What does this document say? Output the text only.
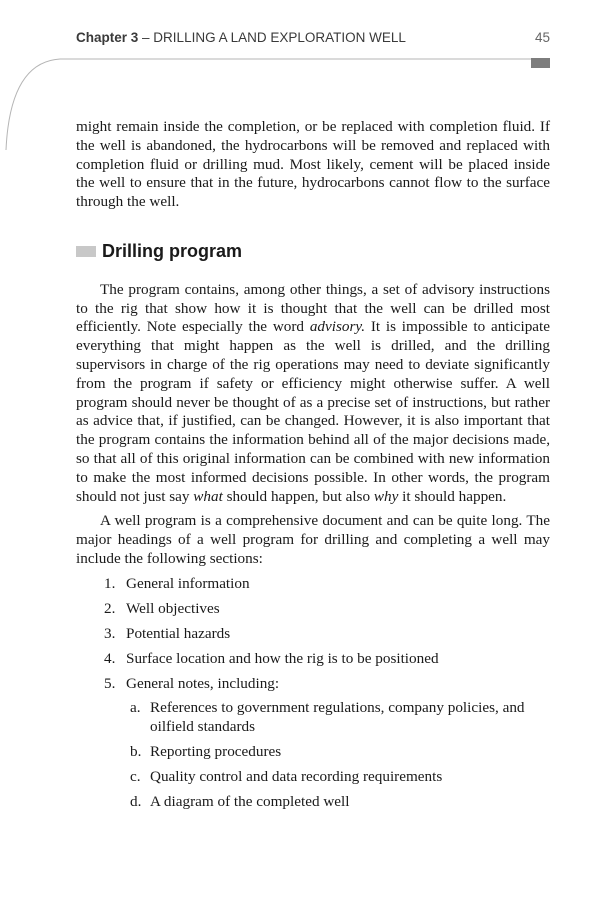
Chapter 3 – DRILLING A LAND EXPLORATION WELL	45

might remain inside the completion, or be replaced with completion fluid. If the well is abandoned, the hydrocarbons will be removed and replaced with completion fluid or drilling mud. Most likely, cement will be placed inside the well to ensure that in the future, hydrocarbons cannot flow to the surface through the well.

Drilling program

The program contains, among other things, a set of advisory instructions to the rig that show how it is thought that the well can be drilled most efficiently. Note especially the word advisory. It is impossible to anticipate everything that might happen as the well is drilled, and the drilling supervisors in charge of the rig operations may need to deviate significantly from the program if safety or efficiency might otherwise suffer. A well program should never be thought of as a precise set of instructions, but rather as advice that, if justified, can be changed. However, it is also important that the program contains the information behind all of the major decisions made, so that all of this original information can be combined with new information to make the most informed decisions possible. In other words, the program should not just say what should happen, but also why it should happen.

A well program is a comprehensive document and can be quite long. The major headings of a well program for drilling and completing a well may include the following sections:

1. General information
2. Well objectives
3. Potential hazards
4. Surface location and how the rig is to be positioned
5. General notes, including:
a. References to government regulations, company policies, and oilfield standards
b. Reporting procedures
c. Quality control and data recording requirements
d. A diagram of the completed well
